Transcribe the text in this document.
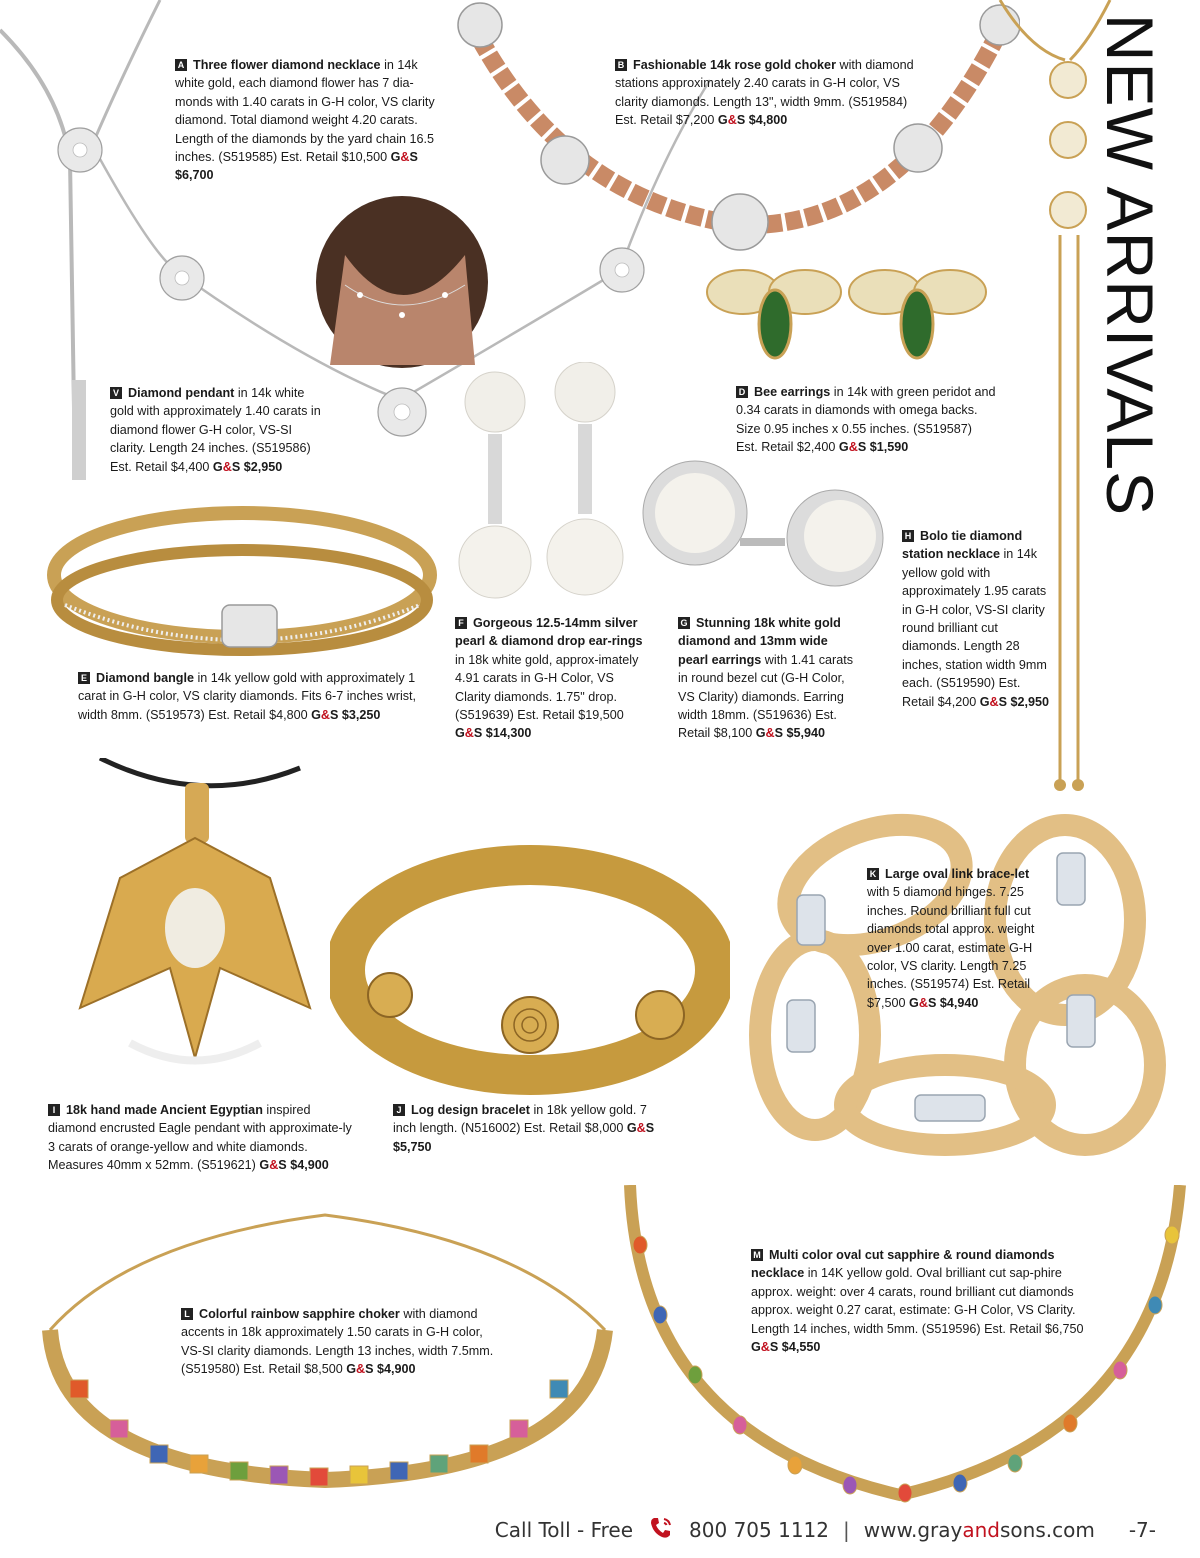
NEW ARRIVALS
A Three flower diamond necklace in 14k white gold, each diamond flower has 7 dia-monds with 1.40 carats in G-H color, VS clarity diamond. Total diamond weight 4.20 carats. Length of the diamonds by the yard chain 16.5 inches. (S519585) Est. Retail $10,500 G&S $6,700
B Fashionable 14k rose gold choker with diamond stations approximately 2.40 carats in G-H color, VS clarity diamonds. Length 13", width 9mm. (S519584) Est. Retail $7,200 G&S $4,800
V Diamond pendant in 14k white gold with approximately 1.40 carats in diamond flower G-H color, VS-SI clarity. Length 24 inches. (S519586) Est. Retail $4,400 G&S $2,950
D Bee earrings in 14k with green peridot and 0.34 carats in diamonds with omega backs. Size 0.95 inches x 0.55 inches. (S519587) Est. Retail $2,400 G&S $1,590
H Bolo tie diamond station necklace in 14k yellow gold with approximately 1.95 carats in G-H color, VS-SI clarity round brilliant cut diamonds. Length 28 inches, station width 9mm each. (S519590) Est. Retail $4,200 G&S $2,950
E Diamond bangle in 14k yellow gold with approximately 1 carat in G-H color, VS clarity diamonds. Fits 6-7 inches wrist, width 8mm. (S519573) Est. Retail $4,800 G&S $3,250
F Gorgeous 12.5-14mm silver pearl & diamond drop ear-rings in 18k white gold, approx-imately 4.91 carats in G-H Color, VS Clarity diamonds. 1.75" drop. (S519639) Est. Retail $19,500 G&S $14,300
G Stunning 18k white gold diamond and 13mm wide pearl earrings with 1.41 carats in round bezel cut (G-H Color, VS Clarity) diamonds. Earring width 18mm. (S519636) Est. Retail $8,100 G&S $5,940
K Large oval link brace-let with 5 diamond hinges. 7.25 inches. Round brilliant full cut diamonds total approx. weight over 1.00 carat, estimate G-H color, VS clarity. Length 7.25 inches. (S519574) Est. Retail $7,500 G&S $4,940
I 18k hand made Ancient Egyptian inspired diamond encrusted Eagle pendant with approximate-ly 3 carats of orange-yellow and white diamonds. Measures 40mm x 52mm. (S519621) G&S $4,900
J Log design bracelet in 18k yellow gold. 7 inch length. (N516002) Est. Retail $8,000 G&S $5,750
L Colorful rainbow sapphire choker with diamond accents in 18k approximately 1.50 carats in G-H color, VS-SI clarity diamonds. Length 13 inches, width 7.5mm. (S519580) Est. Retail $8,500 G&S $4,900
M Multi color oval cut sapphire & round diamonds necklace in 14K yellow gold. Oval brilliant cut sap-phire approx. weight: over 4 carats, round brilliant cut diamonds approx. weight 0.27 carat, estimate: G-H Color, VS Clarity. Length 14 inches, width 5mm. (S519596) Est. Retail $6,750 G&S $4,550
Call Toll - Free	800 705 1112 | www.grayandsons.com -7-
